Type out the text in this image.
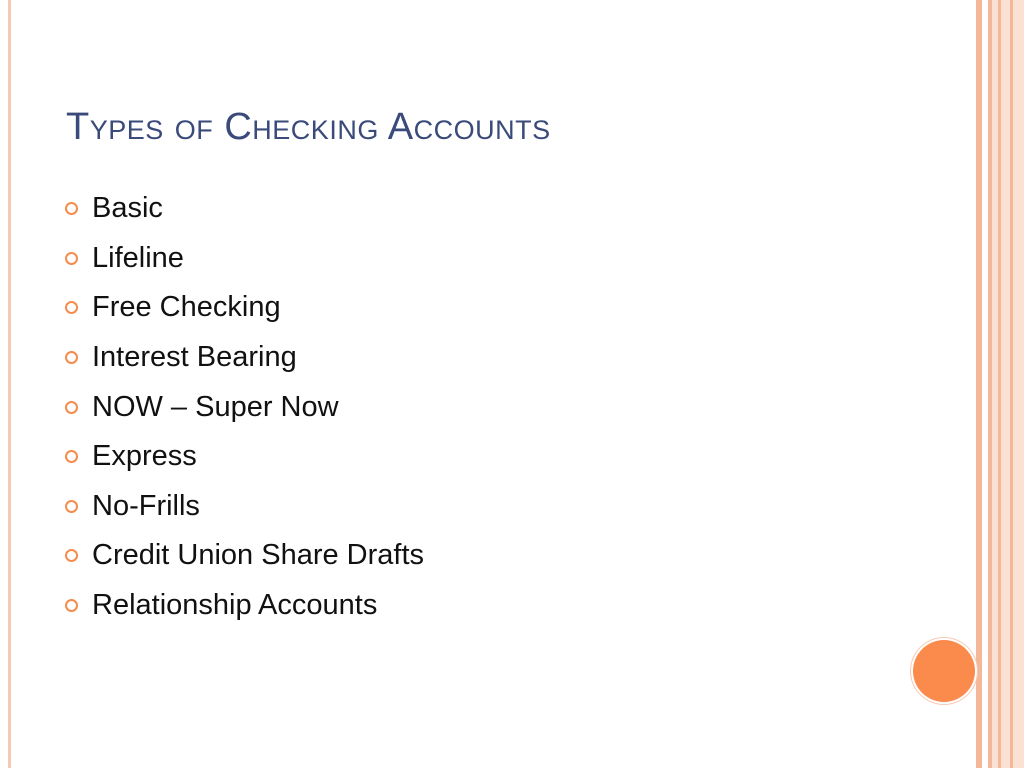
Types of Checking Accounts
Basic
Lifeline
Free Checking
Interest Bearing
NOW – Super Now
Express
No-Frills
Credit Union Share Drafts
Relationship Accounts
